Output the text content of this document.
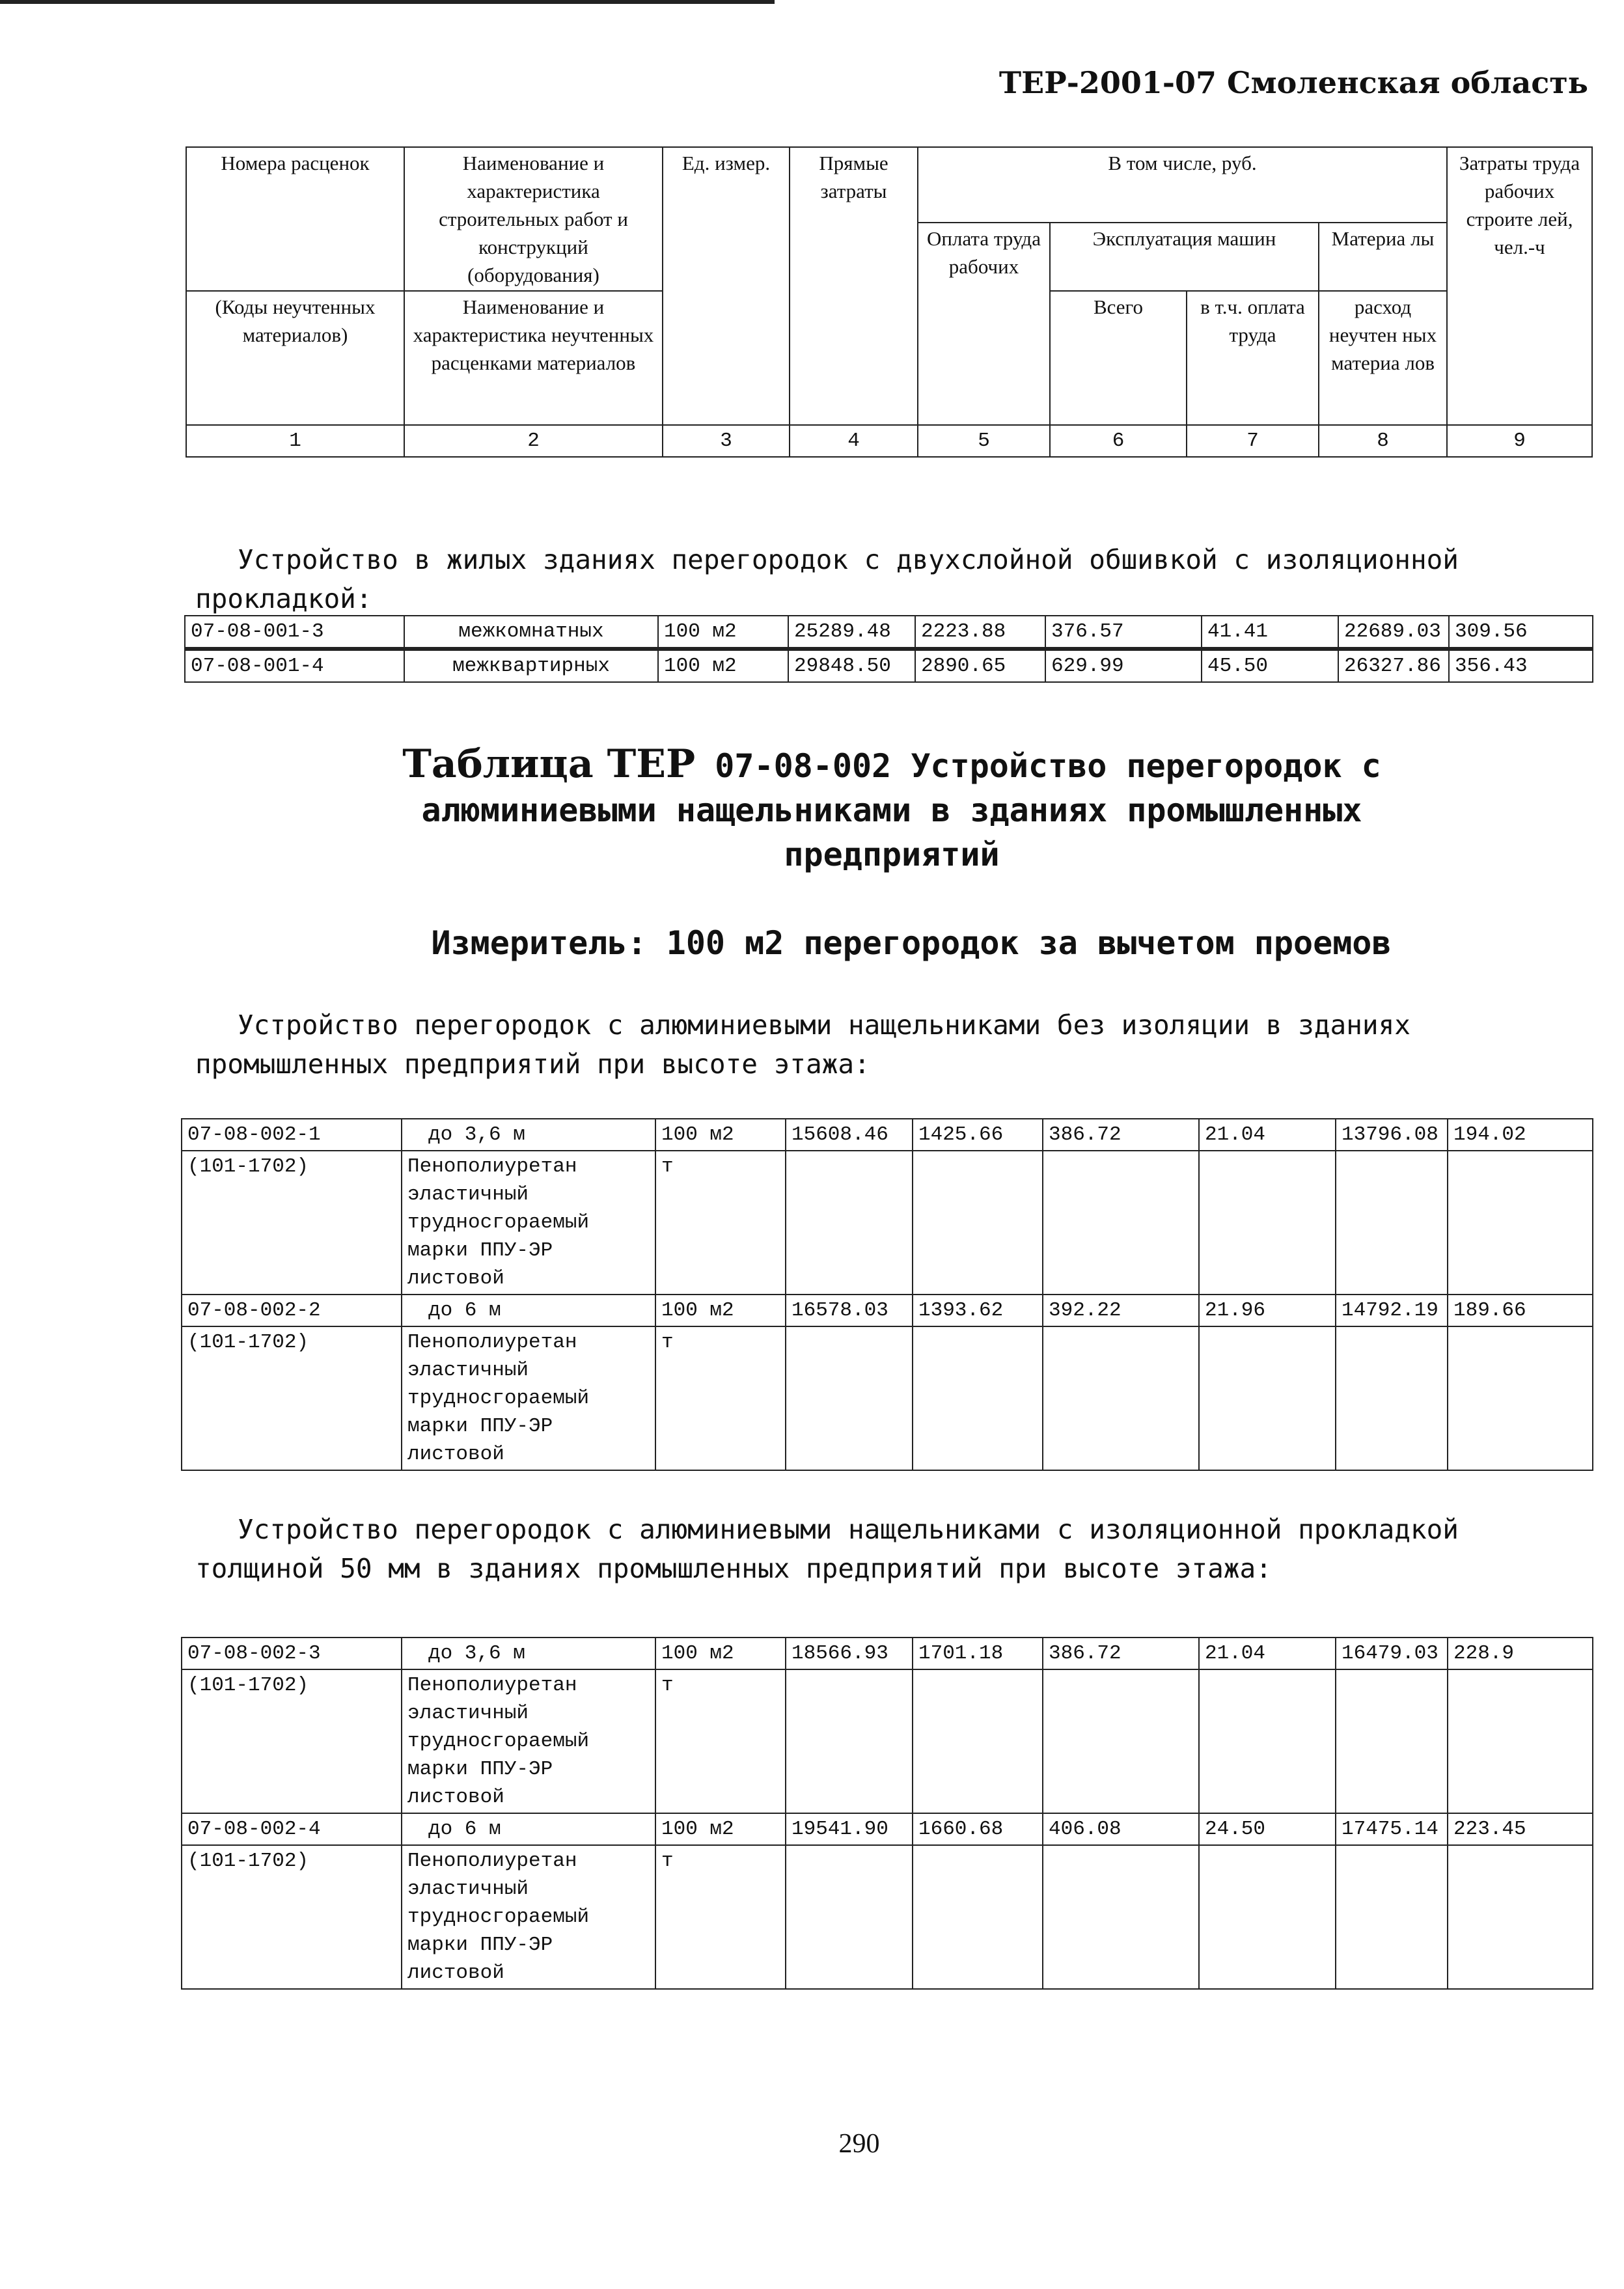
ТЕР-2001-07 Смоленская область
Номера расценок	Наименование и характеристика строительных работ и конструкций (оборудования)	Ед. измер.	Прямые затраты	В том числе, руб.				Затраты труда рабочих строите лей, чел.-ч
				Оплата труда рабочих	Эксплуатация машин		Материа лы	
(Коды неучтенных материалов)	Наименование и характеристика неучтенных расценками материалов				Всего	в т.ч. оплата труда	расход неучтен ных материа лов	
1	2	3	4	5	6	7	8	9
Устройство в жилых зданиях перегородок с двухслойной обшивкой с изоляционной прокладкой:
07-08-001-3	межкомнатных	100 м2	25289.48	2223.88	376.57	41.41	22689.03	309.56
07-08-001-4	межквартирных	100 м2	29848.50	2890.65	629.99	45.50	26327.86	356.43
Таблица ТЕР 07-08-002 Устройство перегородок с алюминиевыми нащельниками в зданиях промышленных предприятий
Измеритель: 100 м2 перегородок за вычетом проемов
Устройство перегородок с алюминиевыми нащельниками без изоляции в зданиях промышленных предприятий при высоте этажа:
07-08-002-1	до 3,6 м	100 м2	15608.46	1425.66	386.72	21.04	13796.08	194.02
(101-1702)	Пенополиуретан эластичный трудносгораемый марки ППУ-ЭР листовой	т						
07-08-002-2	до 6 м	100 м2	16578.03	1393.62	392.22	21.96	14792.19	189.66
(101-1702)	Пенополиуретан эластичный трудносгораемый марки ППУ-ЭР листовой	т						
Устройство перегородок с алюминиевыми нащельниками с изоляционной прокладкой толщиной 50 мм в зданиях промышленных предприятий при высоте этажа:
07-08-002-3	до 3,6 м	100 м2	18566.93	1701.18	386.72	21.04	16479.03	228.9
(101-1702)	Пенополиуретан эластичный трудносгораемый марки ППУ-ЭР листовой	т						
07-08-002-4	до 6 м	100 м2	19541.90	1660.68	406.08	24.50	17475.14	223.45
(101-1702)	Пенополиуретан эластичный трудносгораемый марки ППУ-ЭР листовой	т						
290
